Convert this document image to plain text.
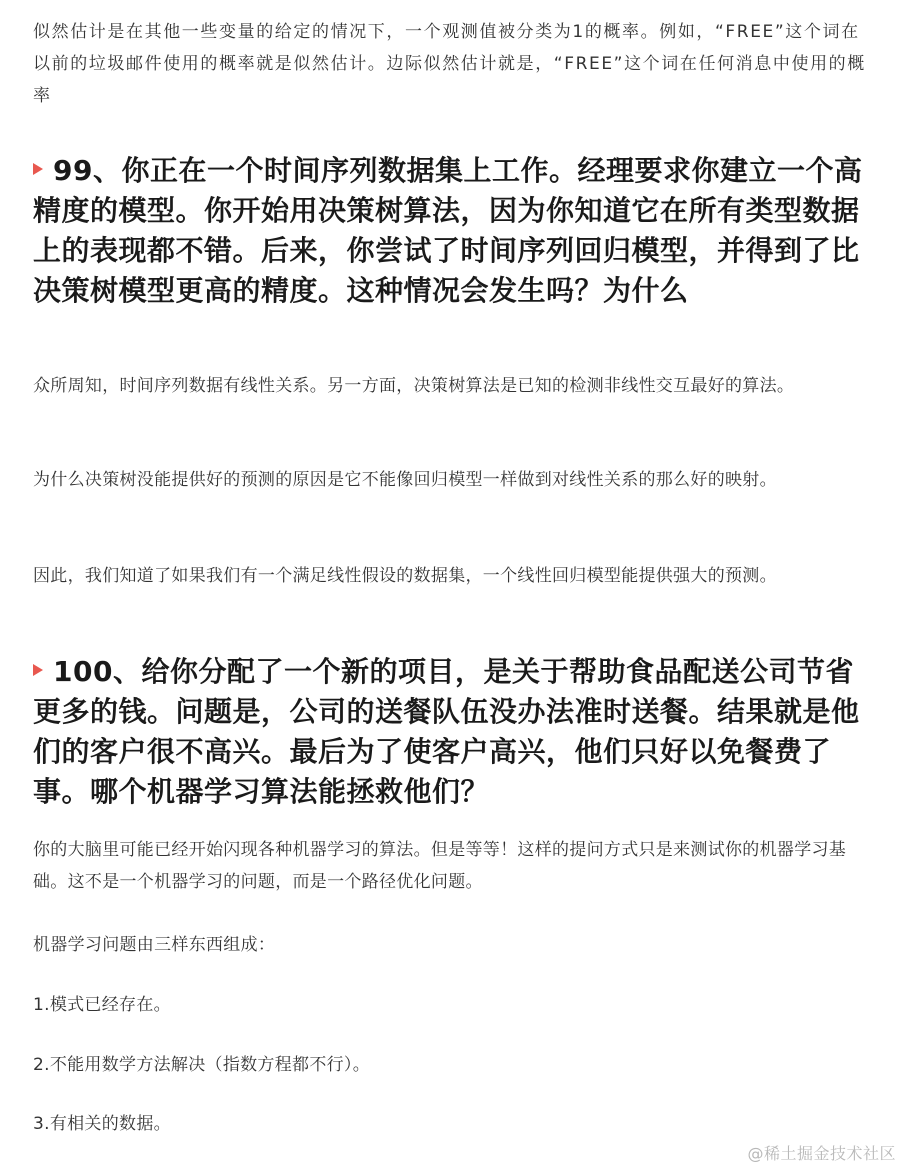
似然估计是在其他一些变量的给定的情况下，一个观测值被分类为1的概率。例如，“FREE”这个词在以前的垃圾邮件使用的概率就是似然估计。边际似然估计就是，“FREE”这个词在任何消息中使用的概率

99、你正在一个时间序列数据集上工作。经理要求你建立一个高精度的模型。你开始用决策树算法，因为你知道它在所有类型数据上的表现都不错。后来，你尝试了时间序列回归模型，并得到了比决策树模型更高的精度。这种情况会发生吗？为什么

众所周知，时间序列数据有线性关系。另一方面，决策树算法是已知的检测非线性交互最好的算法。

为什么决策树没能提供好的预测的原因是它不能像回归模型一样做到对线性关系的那么好的映射。

因此，我们知道了如果我们有一个满足线性假设的数据集，一个线性回归模型能提供强大的预测。

100、给你分配了一个新的项目，是关于帮助食品配送公司节省更多的钱。问题是，公司的送餐队伍没办法准时送餐。结果就是他们的客户很不高兴。最后为了使客户高兴，他们只好以免餐费了事。哪个机器学习算法能拯救他们？

你的大脑里可能已经开始闪现各种机器学习的算法。但是等等！这样的提问方式只是来测试你的机器学习基础。这不是一个机器学习的问题，而是一个路径优化问题。

机器学习问题由三样东西组成：

1.模式已经存在。

2.不能用数学方法解决（指数方程都不行）。

3.有相关的数据。

@稀土掘金技术社区
